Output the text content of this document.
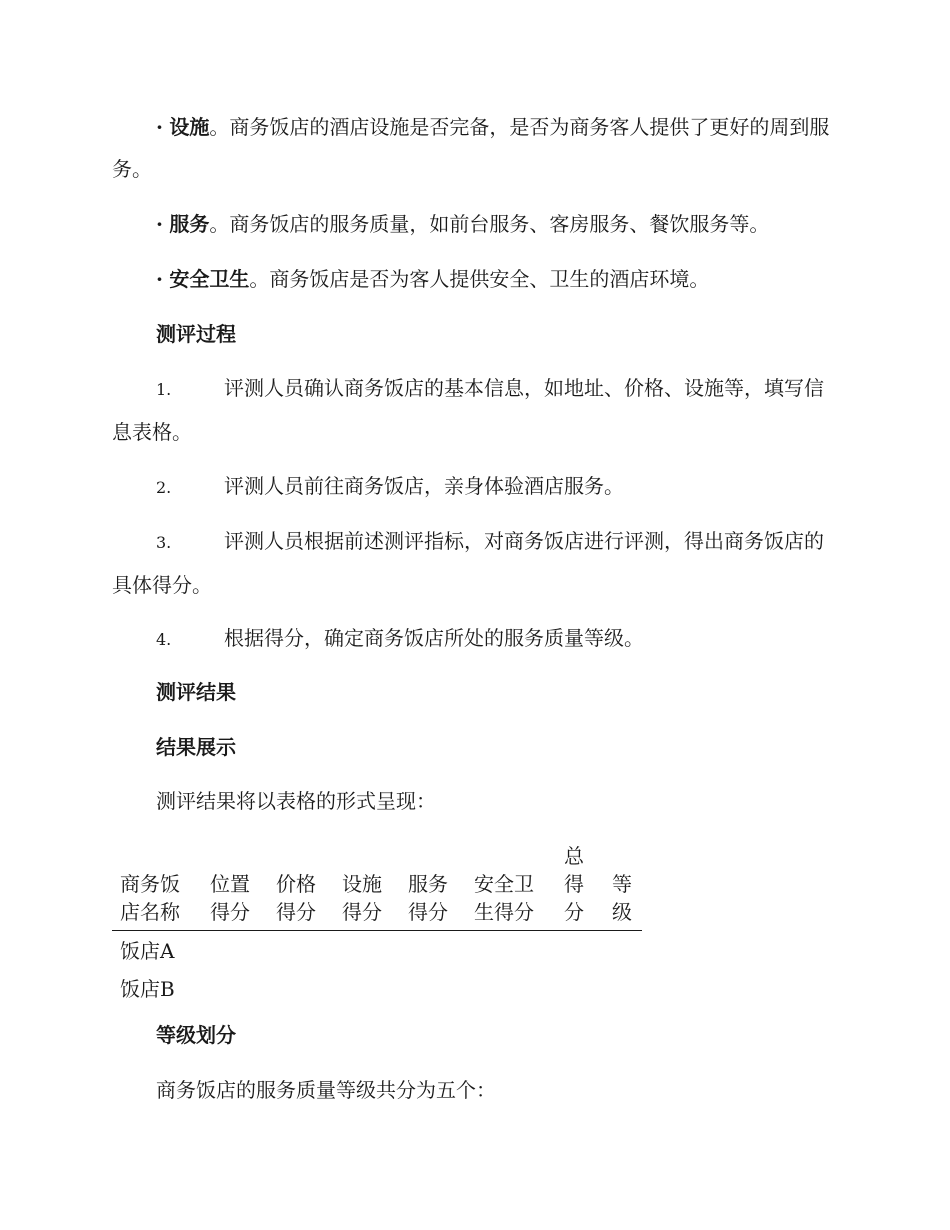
· 设施。商务饭店的酒店设施是否完备，是否为商务客人提供了更好的周到服务。

· 服务。商务饭店的服务质量，如前台服务、客房服务、餐饮服务等。

· 安全卫生。商务饭店是否为客人提供安全、卫生的酒店环境。

测评过程

1.	评测人员确认商务饭店的基本信息，如地址、价格、设施等，填写信息表格。

2.	评测人员前往商务饭店，亲身体验酒店服务。

3.	评测人员根据前述测评指标，对商务饭店进行评测，得出商务饭店的具体得分。

4.	根据得分，确定商务饭店所处的服务质量等级。

测评结果
结果展示

测评结果将以表格的形式呈现：

商务饭店名称	位置得分	价格得分	设施得分	服务得分	安全卫生得分	总得分	等级
饭店A							
饭店B							
等级划分

商务饭店的服务质量等级共分为五个：
